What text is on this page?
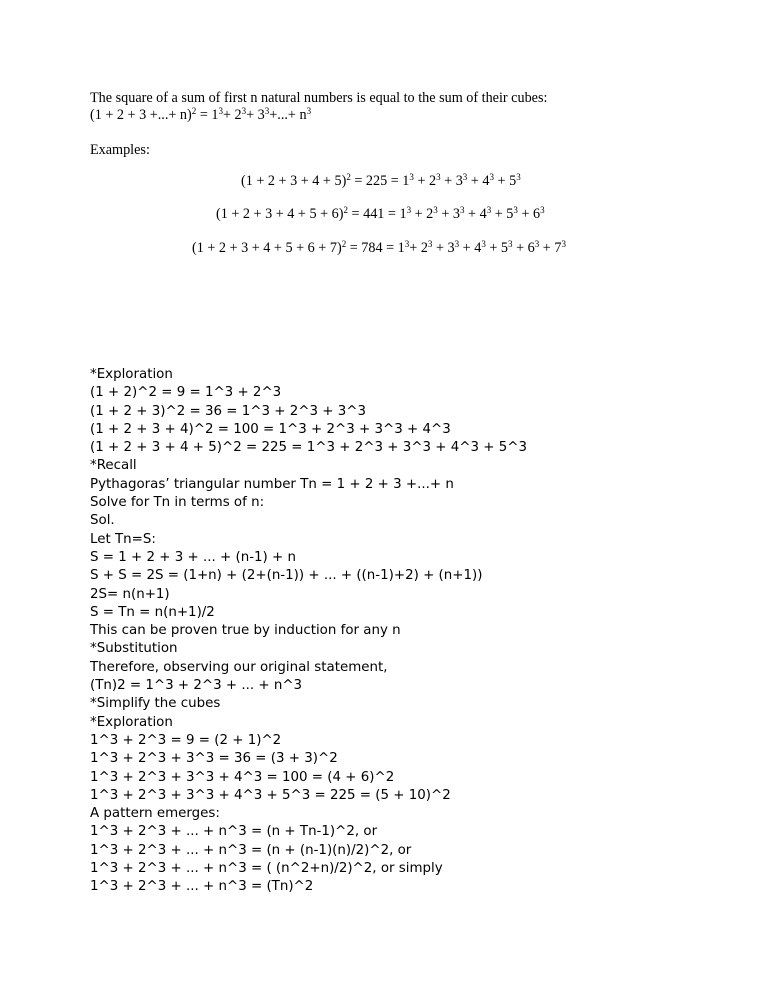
The square of a sum of first n natural numbers is equal to the sum of their cubes:
(1 + 2 + 3 +...+ $n)^2 = 1^3+ 2^3+ 3^3+...+ n^3$
Examples:
$(1 + 2 + 3 + 4 + 5)^2 = 225 = 1^3 + 2^3 + 3^3 + 4^3 + 5^3$
$(1 + 2 + 3 + 4 + 5 + 6)^2 = 441 = 1^3 + 2^3 + 3^3 + 4^3 + 5^3 + 6^3$
$(1 + 2 + 3 + 4 + 5 + 6 + 7)^2 = 784 = 1^3+ 2^3 + 3^3 + 4^3 + 5^3 + 6^3 + 7^3$
*Exploration
(1 + 2)^2 = 9 = 1^3 + 2^3
(1 + 2 + 3)^2 = 36 = 1^3 + 2^3 + 3^3
(1 + 2 + 3 + 4)^2 = 100 = 1^3 + 2^3 + 3^3 + 4^3
(1 + 2 + 3 + 4 + 5)^2 = 225 = 1^3 + 2^3 + 3^3 + 4^3 + 5^3
*Recall
Pythagoras’ triangular number Tn = 1 + 2 + 3 +...+ n
Solve for Tn in terms of n:
Sol.
Let Tn=S:
S = 1 + 2 + 3 + ... + (n-1) + n
S + S = 2S = (1+n) + (2+(n-1)) + ... + ((n-1)+2) + (n+1))
2S= n(n+1)
S = Tn = n(n+1)/2
This can be proven true by induction for any n
*Substitution
Therefore, observing our original statement,
(Tn)2 = 1^3 + 2^3 + ... + n^3
*Simplify the cubes
*Exploration
1^3 + 2^3 = 9 = (2 + 1)^2
1^3 + 2^3 + 3^3 = 36 = (3 + 3)^2
1^3 + 2^3 + 3^3 + 4^3 = 100 = (4 + 6)^2
1^3 + 2^3 + 3^3 + 4^3 + 5^3 = 225 = (5 + 10)^2
A pattern emerges:
1^3 + 2^3 + ... + n^3 = (n + Tn-1)^2, or
1^3 + 2^3 + ... + n^3 = (n + (n-1)(n)/2)^2, or
1^3 + 2^3 + ... + n^3 = ( (n^2+n)/2)^2, or simply
1^3 + 2^3 + ... + n^3 = (Tn)^2
